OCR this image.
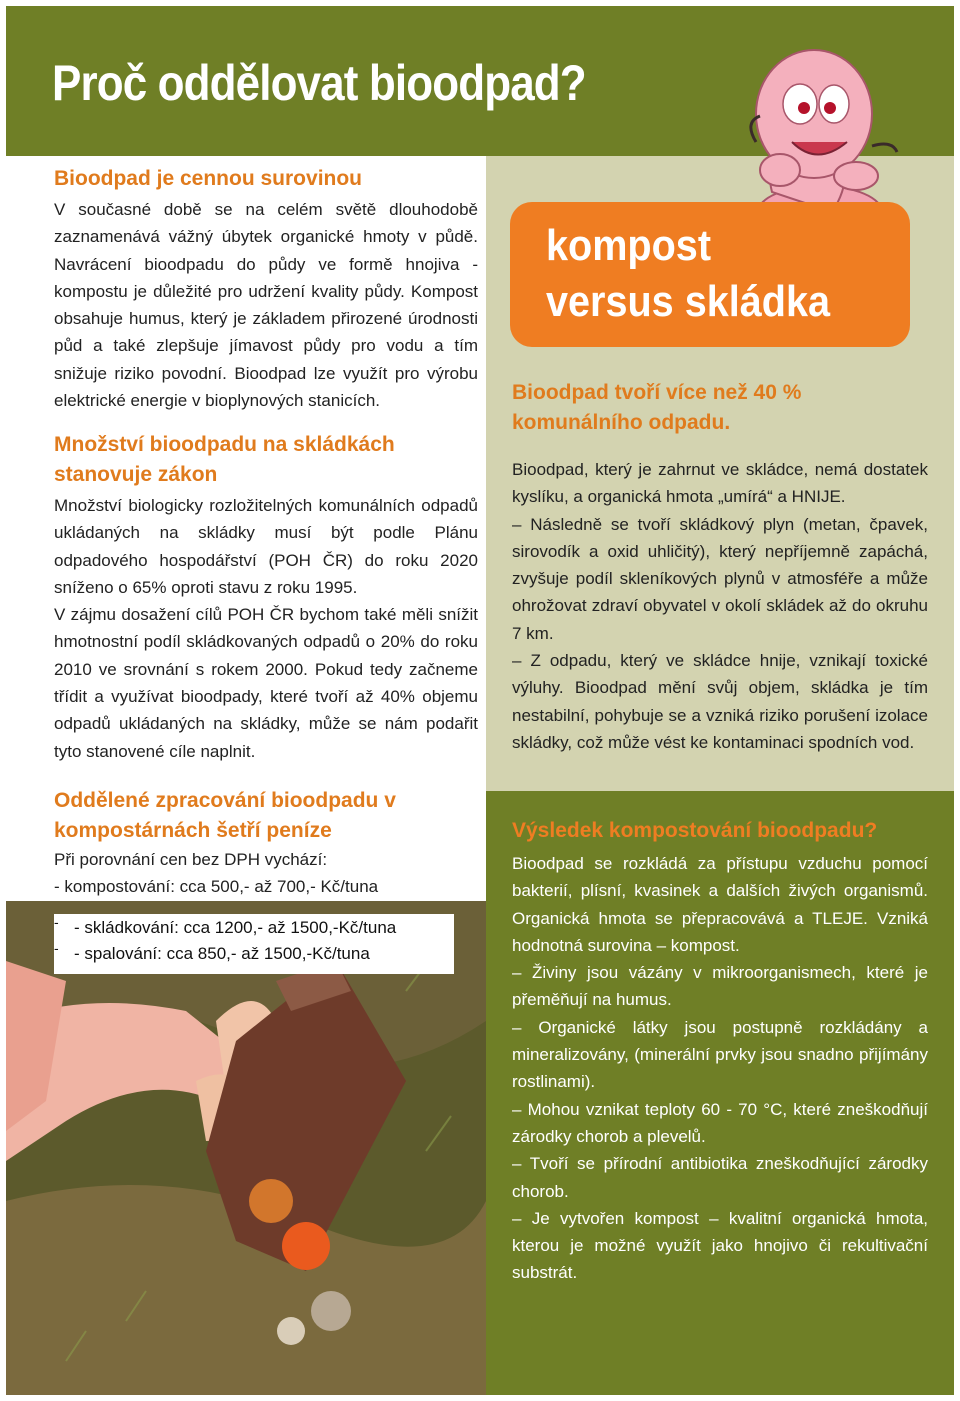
Proč oddělovat bioodpad?
kompost
versus skládka
Bioodpad je cennou surovinou

V současné době se na celém světě dlouhodobě zaznamenává vážný úbytek organické hmoty v půdě. Navrácení bioodpadu do půdy ve formě hnojiva - kompostu je důležité pro udržení kvality půdy. Kompost obsahuje humus, který je základem přirozené úrodnosti půd a také zlepšuje jímavost půdy pro vodu a tím snižuje riziko povodní. Bioodpad lze využít pro výrobu elektrické energie v bioplynových stanicích.

Množství bioodpadu na skládkách stanovuje zákon

Množství biologicky rozložitelných komunálních odpadů ukládaných na skládky musí být podle Plánu odpadového hospodářství (POH ČR) do roku 2020 sníženo o 65% oproti stavu z roku 1995.

V zájmu dosažení cílů POH ČR bychom také měli snížit hmotnostní podíl skládkovaných odpadů o 20% do roku 2010 ve srovnání s rokem 2000. Pokud tedy začneme třídit a využívat bioodpady, které tvoří až 40% objemu odpadů ukládaných na skládky, může se nám podařit tyto stanovené cíle naplnit.

Oddělené zpracování bioodpadu v kompostárnách šetří peníze

Při porovnání cen bez DPH vychází:

- kompostování: cca 500,- až 700,- Kč/tuna

-
-

- skládkování: cca 1200,- až 1500,-Kč/tuna

- spalování: cca 850,- až 1500,-Kč/tuna

Bioodpad tvoří více než 40 % komunálního odpadu.

Bioodpad, který je zahrnut ve skládce, nemá dostatek kyslíku, a organická hmota „umírá“ a HNIJE.

– Následně se tvoří skládkový plyn (metan, čpavek, sirovodík a oxid uhličitý), který nepříjemně zapáchá, zvyšuje podíl skleníkových plynů v atmosféře a může ohrožovat zdraví obyvatel v okolí skládek až do okruhu 7 km.

– Z odpadu, který ve skládce hnije, vznikají toxické výluhy. Bioodpad mění svůj objem, skládka je tím nestabilní, pohybuje se a vzniká riziko porušení izolace skládky, což může vést ke kontaminaci spodních vod.

Výsledek kompostování bioodpadu?

Bioodpad se rozkládá za přístupu vzduchu pomocí bakterií, plísní, kvasinek a dalších živých organismů. Organická hmota se přepracovává a TLEJE. Vzniká hodnotná surovina – kompost.

– Živiny jsou vázány v mikroorganismech, které je přeměňují na humus.

– Organické látky jsou postupně rozkládány a mineralizovány, (minerální prvky jsou snadno přijímány rostlinami).

– Mohou vznikat teploty 60 - 70 °C, které zneškodňují zárodky chorob a plevelů.

– Tvoří se přírodní antibiotika zneškodňující zárodky chorob.

– Je vytvořen kompost – kvalitní organická hmota, kterou je možné využít jako hnojivo či rekultivační substrát.
